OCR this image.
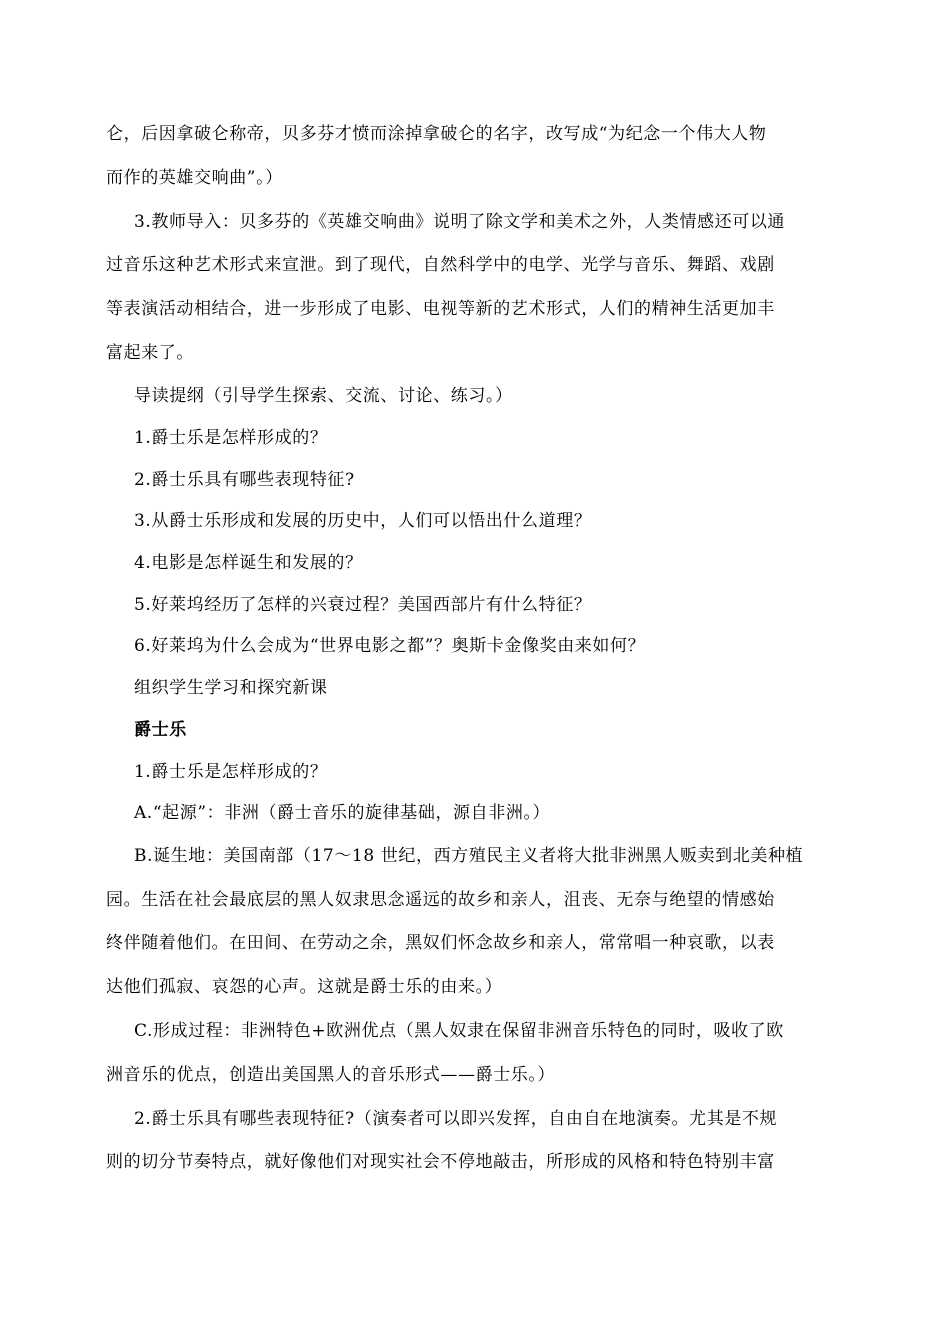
仑，后因拿破仑称帝，贝多芬才愤而涂掉拿破仑的名字，改写成“为纪念一个伟大人物
而作的英雄交响曲”。）
3.教师导入：贝多芬的《英雄交响曲》说明了除文学和美术之外，人类情感还可以通
过音乐这种艺术形式来宣泄。到了现代，自然科学中的电学、光学与音乐、舞蹈、戏剧
等表演活动相结合，进一步形成了电影、电视等新的艺术形式，人们的精神生活更加丰
富起来了。
导读提纲（引导学生探索、交流、讨论、练习。）
1.爵士乐是怎样形成的？
2.爵士乐具有哪些表现特征?
3.从爵士乐形成和发展的历史中，人们可以悟出什么道理？
4.电影是怎样诞生和发展的？
5.好莱坞经历了怎样的兴衰过程？美国西部片有什么特征？
6.好莱坞为什么会成为“世界电影之都”？奥斯卡金像奖由来如何？
组织学生学习和探究新课
爵士乐
1.爵士乐是怎样形成的？
A.“起源”：非洲（爵士音乐的旋律基础，源自非洲。）
B.诞生地：美国南部（17～18 世纪，西方殖民主义者将大批非洲黑人贩卖到北美种植
园。生活在社会最底层的黑人奴隶思念遥远的故乡和亲人，沮丧、无奈与绝望的情感始
终伴随着他们。在田间、在劳动之余，黑奴们怀念故乡和亲人，常常唱一种哀歌，以表
达他们孤寂、哀怨的心声。这就是爵士乐的由来。）
C.形成过程：非洲特色+欧洲优点（黑人奴隶在保留非洲音乐特色的同时，吸收了欧
洲音乐的优点，创造出美国黑人的音乐形式——爵士乐。）
2.爵士乐具有哪些表现特征?（演奏者可以即兴发挥，自由自在地演奏。尤其是不规
则的切分节奏特点，就好像他们对现实社会不停地敲击，所形成的风格和特色特别丰富
